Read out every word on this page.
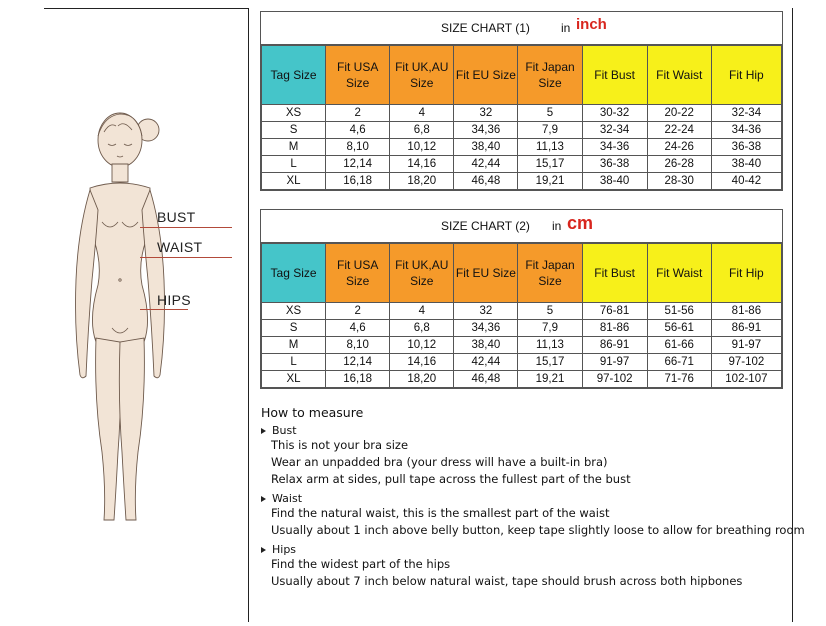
BUST
WAIST
HIPS
SIZE CHART (1)	in inch
Tag Size	Fit USA Size	Fit UK,AU Size	Fit EU Size	Fit Japan Size	Fit Bust	Fit Waist	Fit Hip
XS	2	4	32	5	30-32	20-22	32-34
S	4,6	6,8	34,36	7,9	32-34	22-24	34-36
M	8,10	10,12	38,40	11,13	34-36	24-26	36-38
L	12,14	14,16	42,44	15,17	36-38	26-28	38-40
XL	16,18	18,20	46,48	19,21	38-40	28-30	40-42
SIZE CHART (2) in cm
Tag Size	Fit USA Size	Fit UK,AU Size	Fit EU Size	Fit Japan Size	Fit Bust	Fit Waist	Fit Hip
XS	2	4	32	5	76-81	51-56	81-86
S	4,6	6,8	34,36	7,9	81-86	56-61	86-91
M	8,10	10,12	38,40	11,13	86-91	61-66	91-97
L	12,14	14,16	42,44	15,17	91-97	66-71	97-102
XL	16,18	18,20	46,48	19,21	97-102	71-76	102-107
How to measure
Bust
This is not your bra size
Wear an unpadded bra (your dress will have a built-in bra)
Relax arm at sides, pull tape across the fullest part of the bust
Waist
Find the natural waist, this is the smallest part of the waist
Usually about 1 inch above belly button, keep tape slightly loose to allow for breathing room
Hips
Find the widest part of the hips
Usually about 7 inch below natural waist, tape should brush across both hipbones
